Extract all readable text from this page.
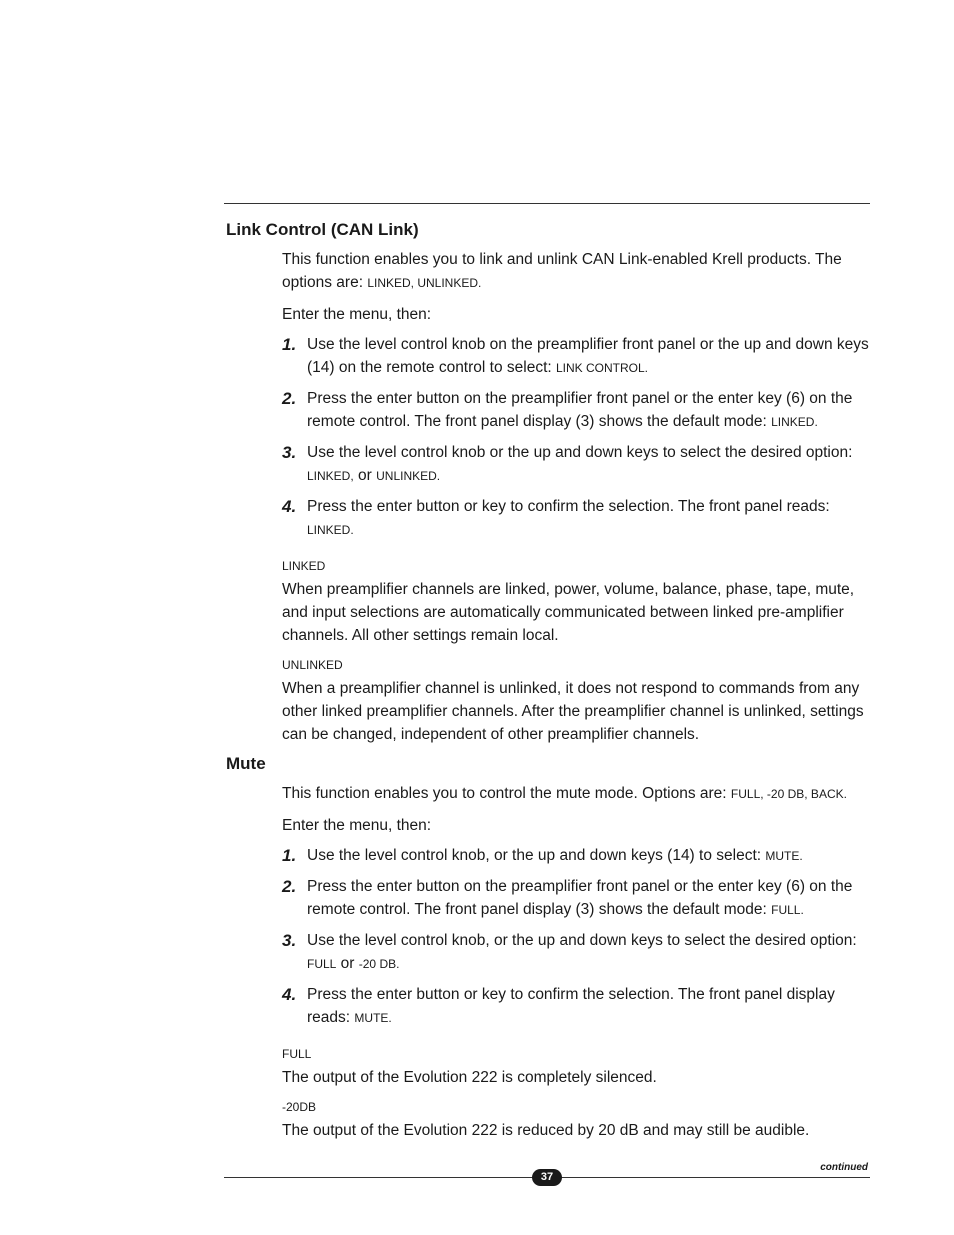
Link Control (CAN Link)

This function enables you to link and unlink CAN Link-enabled Krell products. The options are: LINKED, UNLINKED.

Enter the menu, then:

1. Use the level control knob on the preamplifier front panel or the up and down keys (14) on the remote control to select: LINK CONTROL.
2. Press the enter button on the preamplifier front panel or the enter key (6) on the remote control. The front panel display (3) shows the default mode: LINKED.
3. Use the level control knob or the up and down keys to select the desired option: LINKED, or UNLINKED.
4. Press the enter button or key to confirm the selection. The front panel reads: LINKED.
LINKED

When preamplifier channels are linked, power, volume, balance, phase, tape, mute, and input selections are automatically communicated between linked pre-amplifier channels. All other settings remain local.

UNLINKED

When a preamplifier channel is unlinked, it does not respond to commands from any other linked preamplifier channels. After the preamplifier channel is unlinked, settings can be changed, independent of other preamplifier channels.

Mute

This function enables you to control the mute mode. Options are: FULL, -20 DB, BACK.

Enter the menu, then:

1. Use the level control knob, or the up and down keys (14) to select: MUTE.
2. Press the enter button on the preamplifier front panel or the enter key (6) on the remote control. The front panel display (3) shows the default mode: FULL.
3. Use the level control knob, or the up and down keys to select the desired option: FULL or -20 DB.
4. Press the enter button or key to confirm the selection. The front panel display reads: MUTE.
FULL

The output of the Evolution 222 is completely silenced.

-20DB

The output of the Evolution 222 is reduced by 20 dB and may still be audible.

continued
37
